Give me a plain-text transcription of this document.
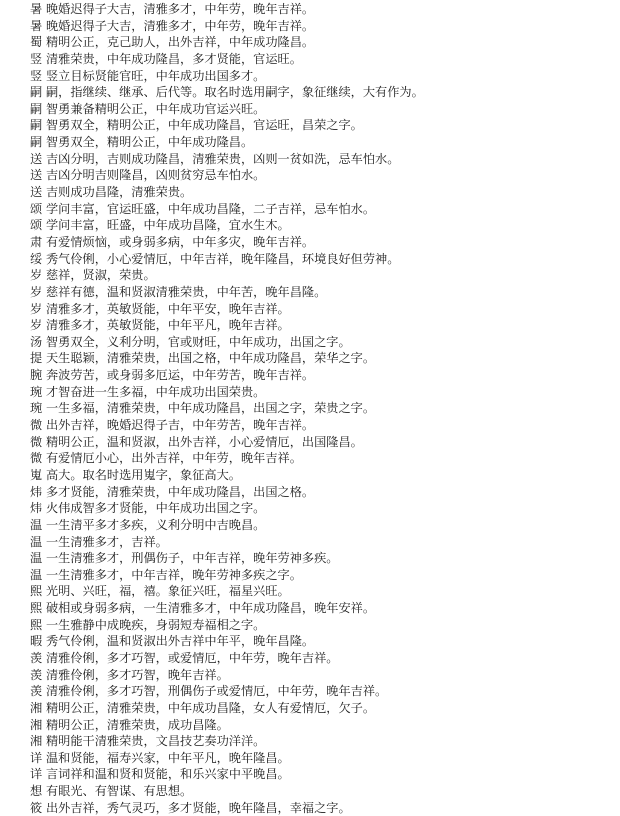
暑 晚婚迟得子大吉，清雅多才，中年劳，晚年吉祥。
暑 晚婚迟得子大吉，清雅多才，中年劳，晚年吉祥。
蜀 精明公正，克己助人，出外吉祥，中年成功隆昌。
竖 清雅荣贵，中年成功隆昌，多才贤能，官运旺。
竖 竖立目标贤能官旺，中年成功出国多才。
嗣 嗣，指继续、继承、后代等。取名时选用嗣字，象征继续，大有作为。
嗣 智勇兼备精明公正，中年成功官运兴旺。
嗣 智勇双全，精明公正，中年成功隆昌，官运旺，昌荣之字。
嗣 智勇双全，精明公正，中年成功隆昌。
送 吉凶分明，吉则成功隆昌，清雅荣贵，凶则一贫如洗，忌车怕水。
送 吉凶分明吉则隆昌，凶则贫穷忌车怕水。
送 吉则成功昌隆，清雅荣贵。
颂 学问丰富，官运旺盛，中年成功昌隆，二子吉祥，忌车怕水。
颂 学问丰富，旺盛，中年成功昌隆，宜水生木。
肃 有爱情烦恼，或身弱多病，中年多灾，晚年吉祥。
绥 秀气伶俐，小心爱情厄，中年吉祥，晚年隆昌，环境良好但劳神。
岁 慈祥，贤淑，荣贵。
岁 慈祥有德，温和贤淑清雅荣贵，中年苦，晚年昌隆。
岁 清雅多才，英敏贤能，中年平安，晚年吉祥。
岁 清雅多才，英敏贤能，中年平凡，晚年吉祥。
汤 智勇双全，义利分明，官或财旺，中年成功，出国之字。
提 天生聪颖，清雅荣贵，出国之格，中年成功隆昌，荣华之字。
腕 奔波劳苦，或身弱多厄运，中年劳苦，晚年吉祥。
琬 才智奋进一生多福，中年成功出国荣贵。
琬 一生多福，清雅荣贵，中年成功隆昌，出国之字，荣贵之字。
微 出外吉祥，晚婚迟得子吉，中年劳苦，晚年吉祥。
微 精明公正，温和贤淑，出外吉祥，小心爱情厄，出国隆昌。
微 有爱情厄小心，出外吉祥，中年劳，晚年吉祥。
嵬 高大。取名时选用嵬字，象征高大。
炜 多才贤能，清雅荣贵，中年成功隆昌，出国之格。
炜 火伟成智多才贤能，中年成功出国之字。
温 一生清平多才多疾，义利分明中吉晚昌。
温 一生清雅多才，吉祥。
温 一生清雅多才，刑偶伤子，中年吉祥，晚年劳神多疾。
温 一生清雅多才，中年吉祥，晚年劳神多疾之字。
熙 光明、兴旺，福，禧。象征兴旺，福星兴旺。
熙 破相或身弱多病，一生清雅多才，中年成功隆昌，晚年安祥。
熙 一生雅静中成晚疾，身弱短寿福相之字。
暇 秀气伶俐，温和贤淑出外吉祥中年平，晚年昌隆。
羡 清雅伶俐，多才巧智，或爱情厄，中年劳，晚年吉祥。
羡 清雅伶俐，多才巧智，晚年吉祥。
羡 清雅伶俐，多才巧智，刑偶伤子或爱情厄，中年劳，晚年吉祥。
湘 精明公正，清雅荣贵，中年成功昌隆，女人有爱情厄，欠子。
湘 精明公正，清雅荣贵，成功昌隆。
湘 精明能干清雅荣贵，文昌技艺奏功洋洋。
详 温和贤能，福寿兴家，中年平凡，晚年隆昌。
详 言词祥和温和贤和贤能，和乐兴家中平晚昌。
想 有眼光、有智谋、有思想。
筱 出外吉祥，秀气灵巧，多才贤能，晚年隆昌，幸福之字。
